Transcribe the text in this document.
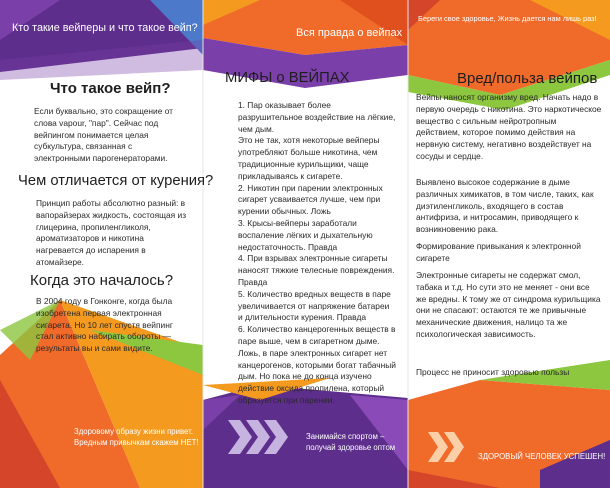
Кто такие вейперы и что такое вейп?
Что такое вейп?
Если буквально, это сокращение от слова vapour, "пар". Сейчас под вейпингом понимается целая субкультура, связанная с электронными парогенераторами.
Чем отличается от курения?
Принцип работы абсолютно разный: в вапорайзерах жидкость, состоящая из глицерина, пропиленгликоля, ароматизаторов и никотина нагревается до испарения в атомайзере.
Когда это началось?
В 2004 году в Гонконге, когда была изобретена первая электронная сигарета. Но 10 лет спустя вейпинг стал активно набирать обороты — результаты вы и сами видите.
Здоровому образу жизни привет. Вредным привычкам скажем НЕТ!
Вся правда о вейпах
МИФЫ о ВЕЙПАХ

1. Пар оказывает более разрушительное воздействие на лёгкие, чем дым.

Это не так, хотя некоторые вейперы употребляют больше никотина, чем традиционные курильщики, чаще прикладываясь к сигарете.

2. Никотин при парении электронных сигарет усваивается лучше, чем при курении обычных. Ложь

3. Крысы-вейперы заработали воспаление лёгких и дыхательную недостаточность. Правда

4. При взрывах электронные сигареты наносят тяжкие телесные повреждения. Правда

5. Количество вредных веществ в паре увеличивается от напряжение батареи и длительности курения. Правда

6. Количество канцерогенных веществ в паре выше, чем в сигаретном дыме. Ложь, в паре электронных сигарет нет канцерогенов, которыми богат табачный дым. Но пока не до конца изучено действие оксида пропилена, который образуется при парении.

Занимайся спортом – получай здоровье оптом
Береги свое здоровье, Жизнь дается нам лишь раз!
Вред/польза вейпов
Вейпы наносят организму вред. Начать надо в первую очередь с никотина. Это наркотическое вещество с сильным нейротропным действием, которое помимо действия на нервную систему, негативно воздействует на сосуды и сердце.
Выявлено высокое содержание в дыме различных химикатов, в том числе, таких, как диэтиленгликоль, входящего в состав антифриза, и нитросамин, приводящего к возникновению рака.
Формирование привыкания к электронной сигарете
Электронные сигареты не содержат смол, табака и т.д. Но сути это не меняет - они все же вредны. К тому же от синдрома курильщика они не спасают: остаются те же привычные механические движения, налицо та же психологическая зависимость.
Процесс не приносит здоровью пользы
ЗДОРОВЫЙ ЧЕЛОВЕК УСПЕШЕН!
